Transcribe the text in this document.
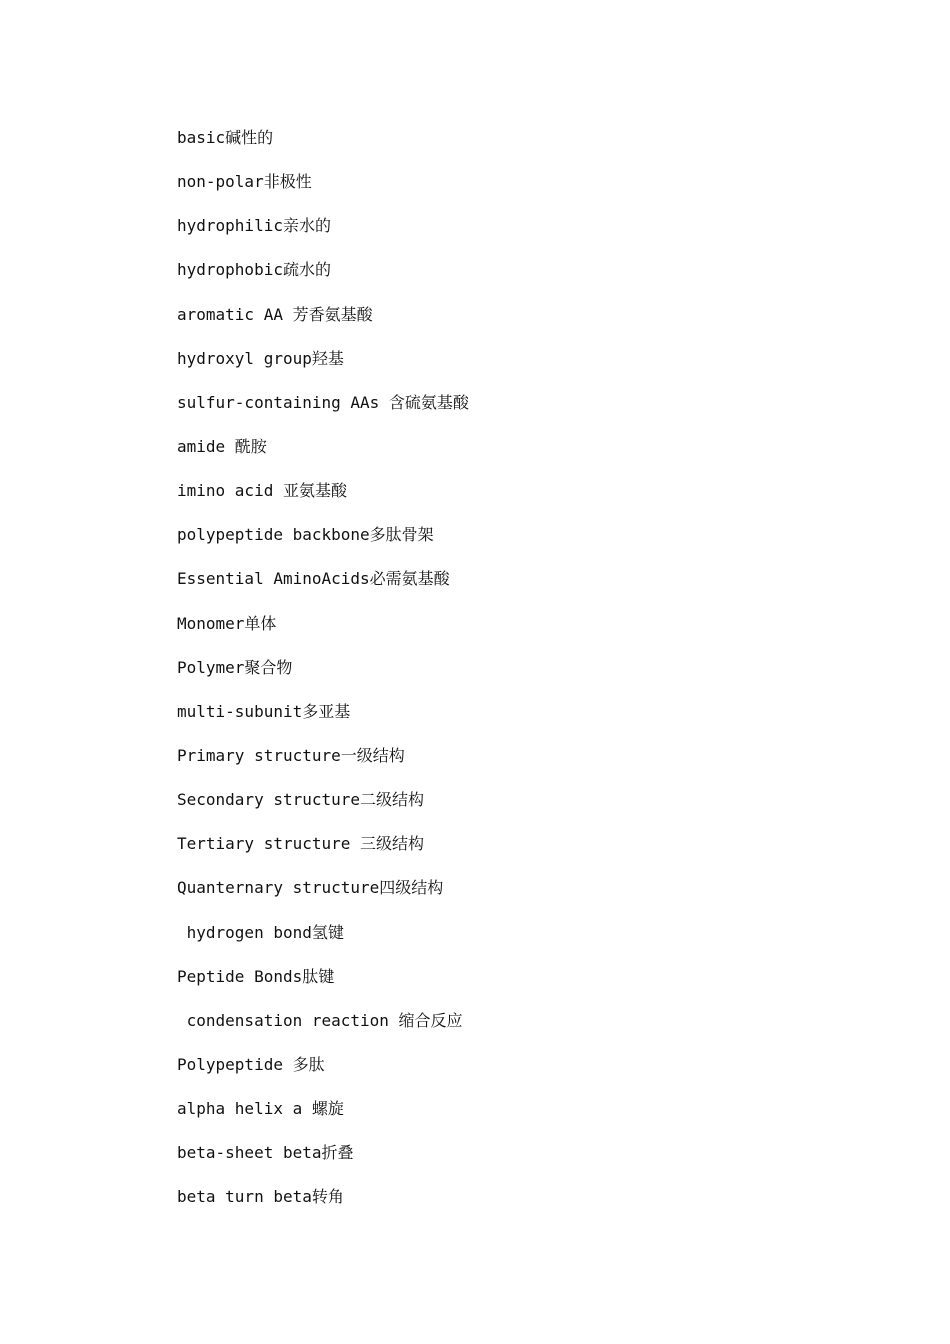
basic碱性的
non-polar非极性
hydrophilic亲水的
hydrophobic疏水的
aromatic AA 芳香氨基酸
hydroxyl group羟基
sulfur-containing AAs 含硫氨基酸
amide 酰胺
imino acid 亚氨基酸
polypeptide backbone多肽骨架
Essential AminoAcids必需氨基酸
Monomer单体
Polymer聚合物
multi-subunit多亚基
Primary structure一级结构
Secondary structure二级结构
Tertiary structure 三级结构
Quanternary structure四级结构
hydrogen bond氢键
Peptide Bonds肽键
condensation reaction 缩合反应
Polypeptide 多肽
alpha helix a 螺旋
beta-sheet beta折叠
beta turn beta转角
